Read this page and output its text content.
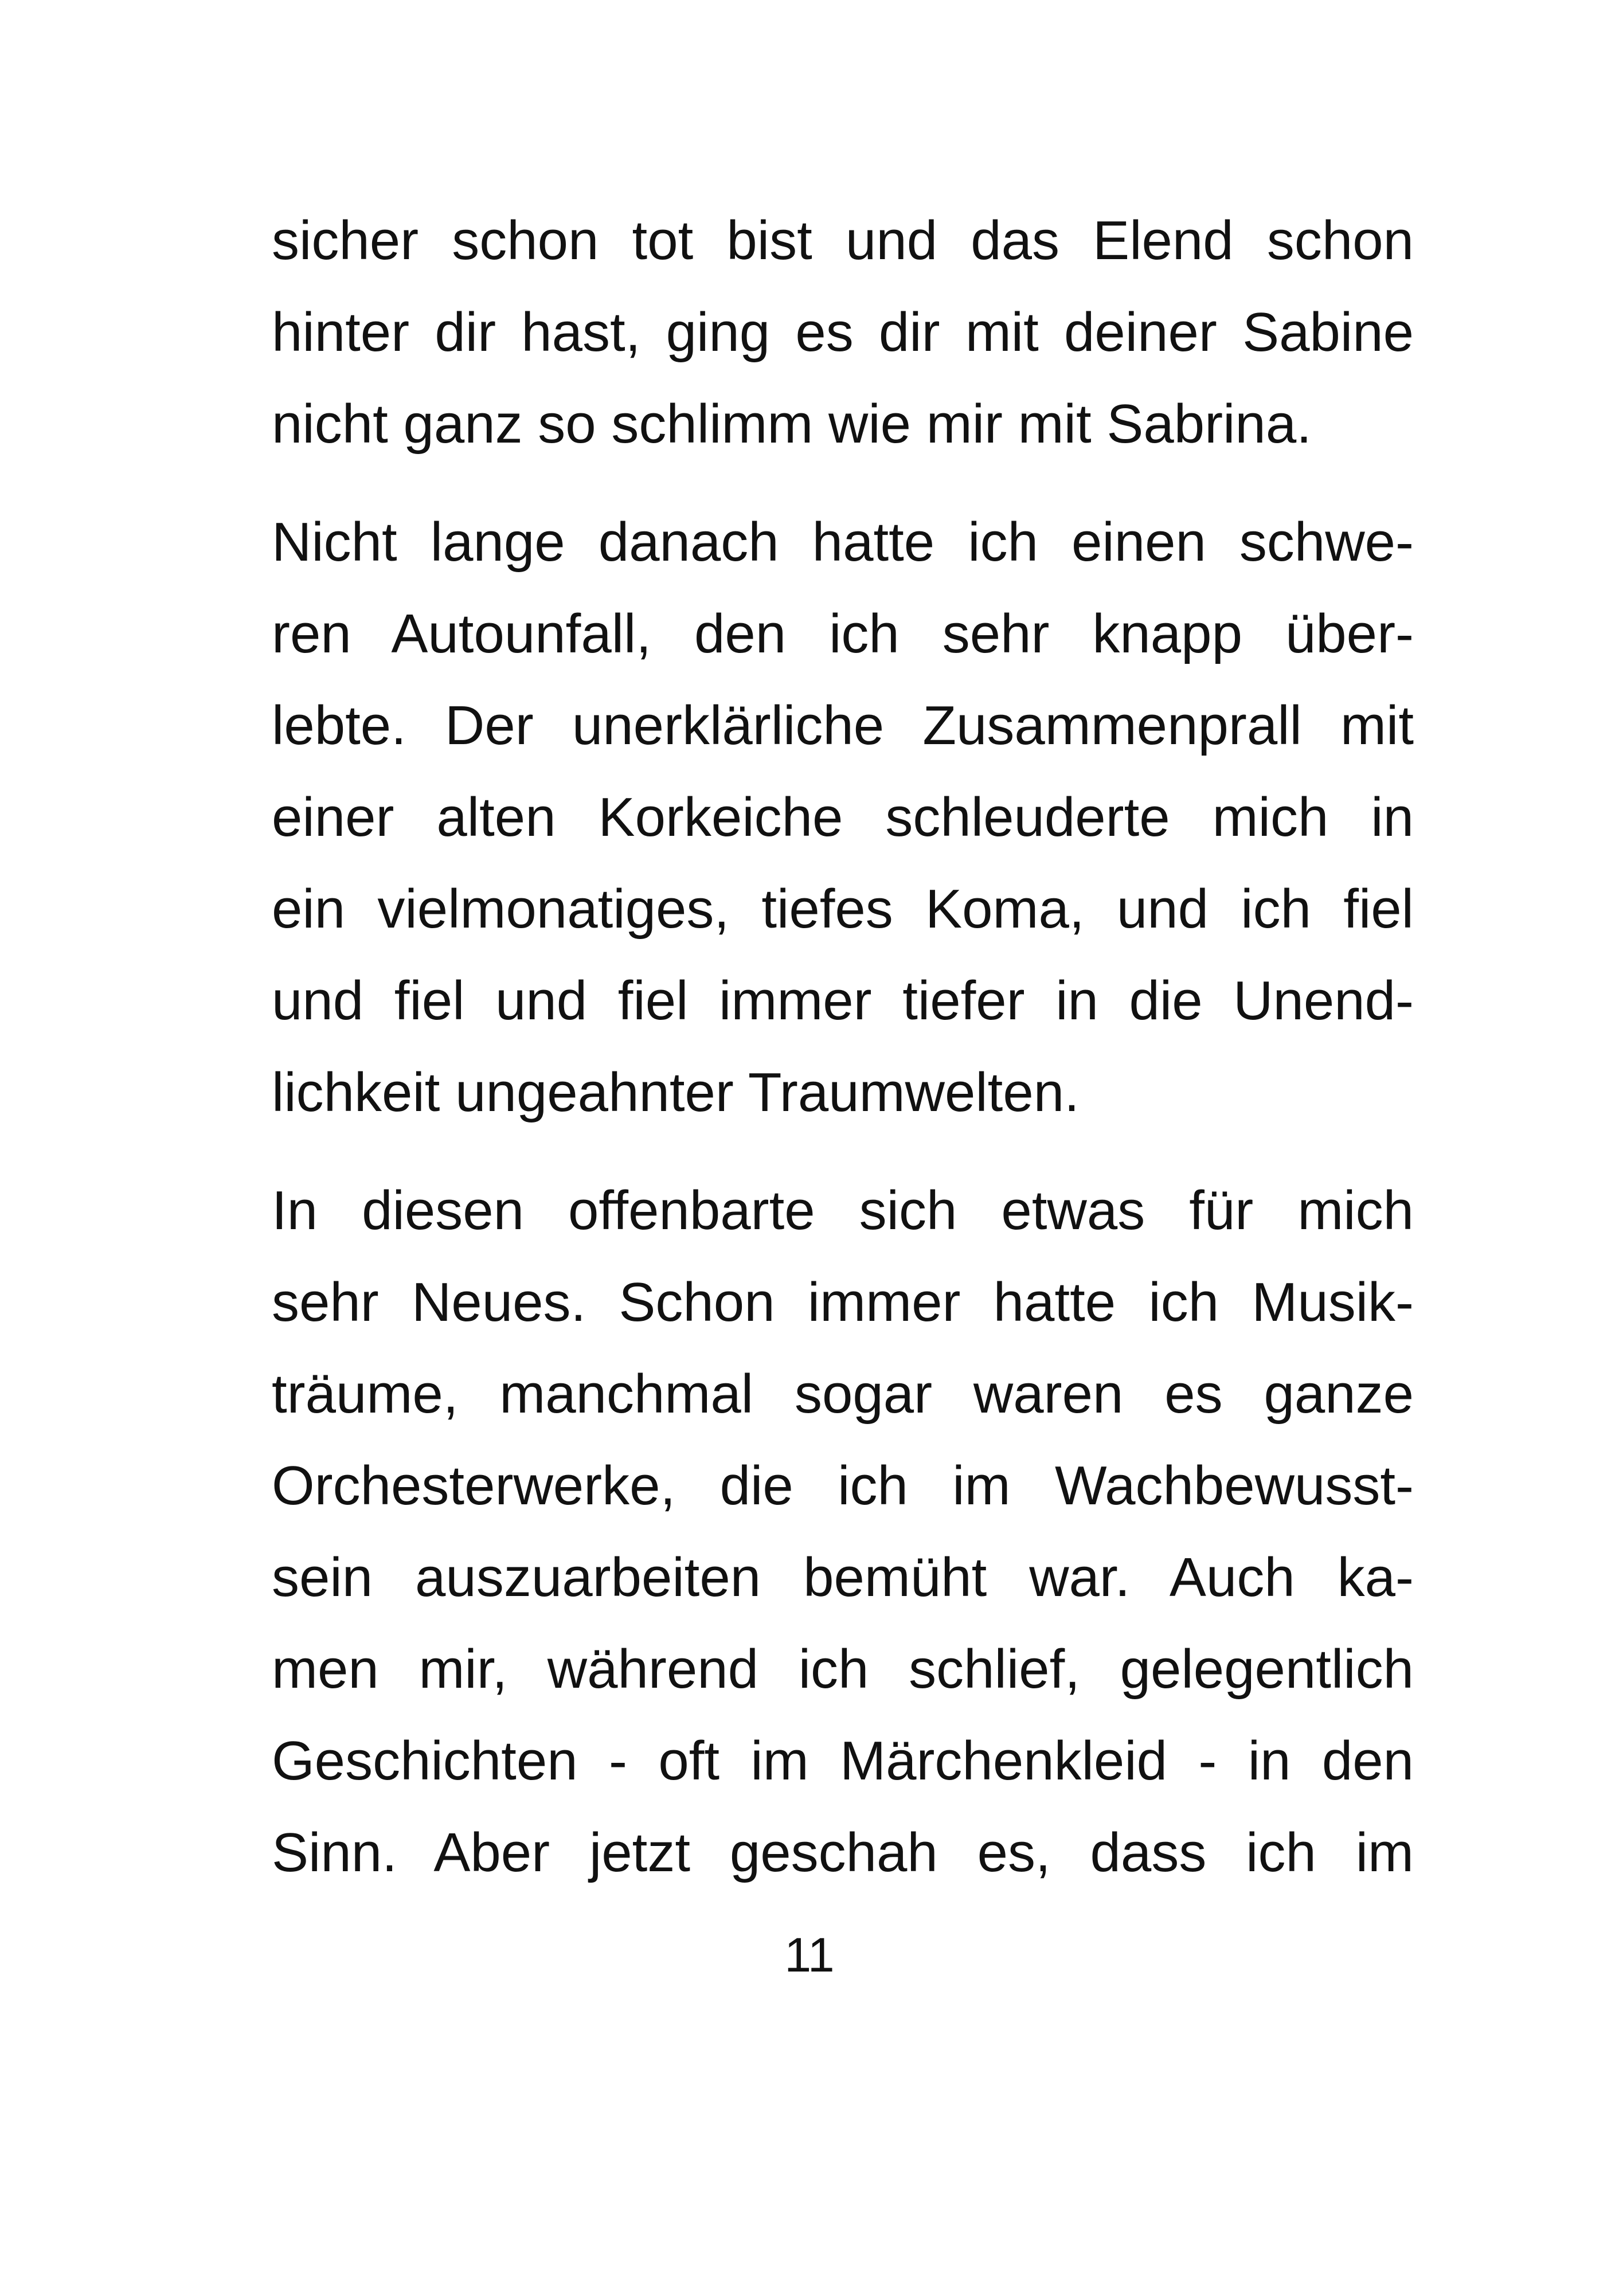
sicher schon tot bist und das Elend schon
hinter dir hast, ging es dir mit deiner Sabine
nicht ganz so schlimm wie mir mit Sabrina.
Nicht lange danach hatte ich einen schwe-
ren Autounfall, den ich sehr knapp über-
lebte. Der unerklärliche Zusammenprall mit
einer alten Korkeiche schleuderte mich in
ein vielmonatiges, tiefes Koma, und ich fiel
und fiel und fiel immer tiefer in die Unend-
lichkeit ungeahnter Traumwelten.
In diesen offenbarte sich etwas für mich
sehr Neues. Schon immer hatte ich Musik-
träume, manchmal sogar waren es ganze
Orchesterwerke, die ich im Wachbewusst-
sein auszuarbeiten bemüht war. Auch ka-
men mir, während ich schlief, gelegentlich
Geschichten - oft im Märchenkleid - in den
Sinn. Aber jetzt geschah es, dass ich im
11
